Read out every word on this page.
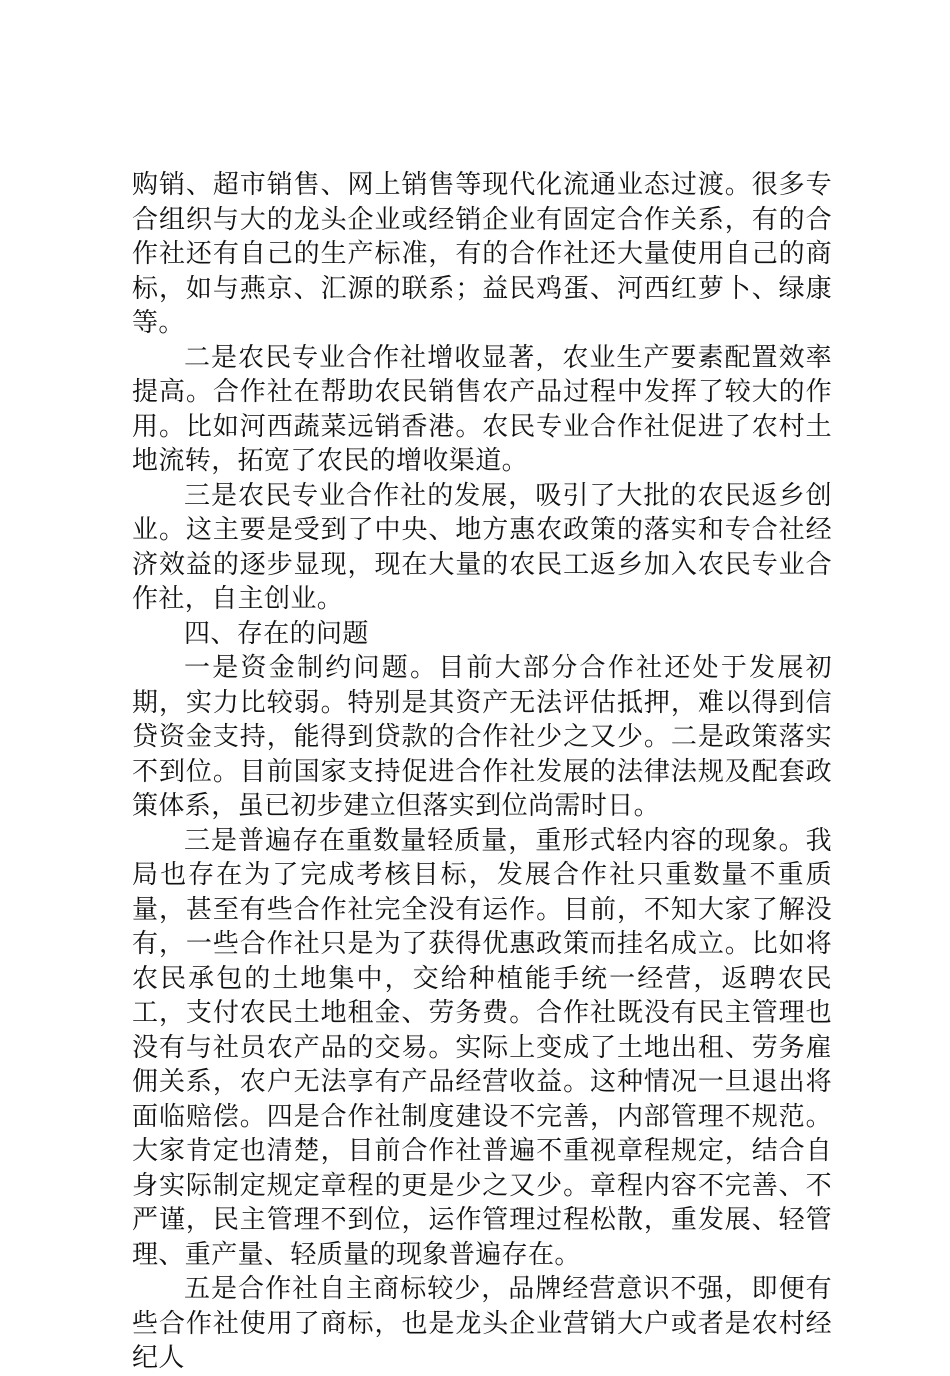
购销、超市销售、网上销售等现代化流通业态过渡。很多专合组织与大的龙头企业或经销企业有固定合作关系，有的合作社还有自己的生产标准，有的合作社还大量使用自己的商标，如与燕京、汇源的联系；益民鸡蛋、河西红萝卜、绿康等。

二是农民专业合作社增收显著，农业生产要素配置效率提高。合作社在帮助农民销售农产品过程中发挥了较大的作用。比如河西蔬菜远销香港。农民专业合作社促进了农村土地流转，拓宽了农民的增收渠道。

三是农民专业合作社的发展，吸引了大批的农民返乡创业。这主要是受到了中央、地方惠农政策的落实和专合社经济效益的逐步显现，现在大量的农民工返乡加入农民专业合作社，自主创业。

四、存在的问题

一是资金制约问题。目前大部分合作社还处于发展初期，实力比较弱。特别是其资产无法评估抵押，难以得到信贷资金支持，能得到贷款的合作社少之又少。二是政策落实不到位。目前国家支持促进合作社发展的法律法规及配套政策体系，虽已初步建立但落实到位尚需时日。

三是普遍存在重数量轻质量，重形式轻内容的现象。我局也存在为了完成考核目标，发展合作社只重数量不重质量，甚至有些合作社完全没有运作。目前，不知大家了解没有，一些合作社只是为了获得优惠政策而挂名成立。比如将农民承包的土地集中，交给种植能手统一经营，返聘农民工，支付农民土地租金、劳务费。合作社既没有民主管理也没有与社员农产品的交易。实际上变成了土地出租、劳务雇佣关系，农户无法享有产品经营收益。这种情况一旦退出将面临赔偿。四是合作社制度建设不完善，内部管理不规范。大家肯定也清楚，目前合作社普遍不重视章程规定，结合自身实际制定规定章程的更是少之又少。章程内容不完善、不严谨，民主管理不到位，运作管理过程松散，重发展、轻管理、重产量、轻质量的现象普遍存在。

五是合作社自主商标较少，品牌经营意识不强，即便有些合作社使用了商标，也是龙头企业营销大户或者是农村经纪人
